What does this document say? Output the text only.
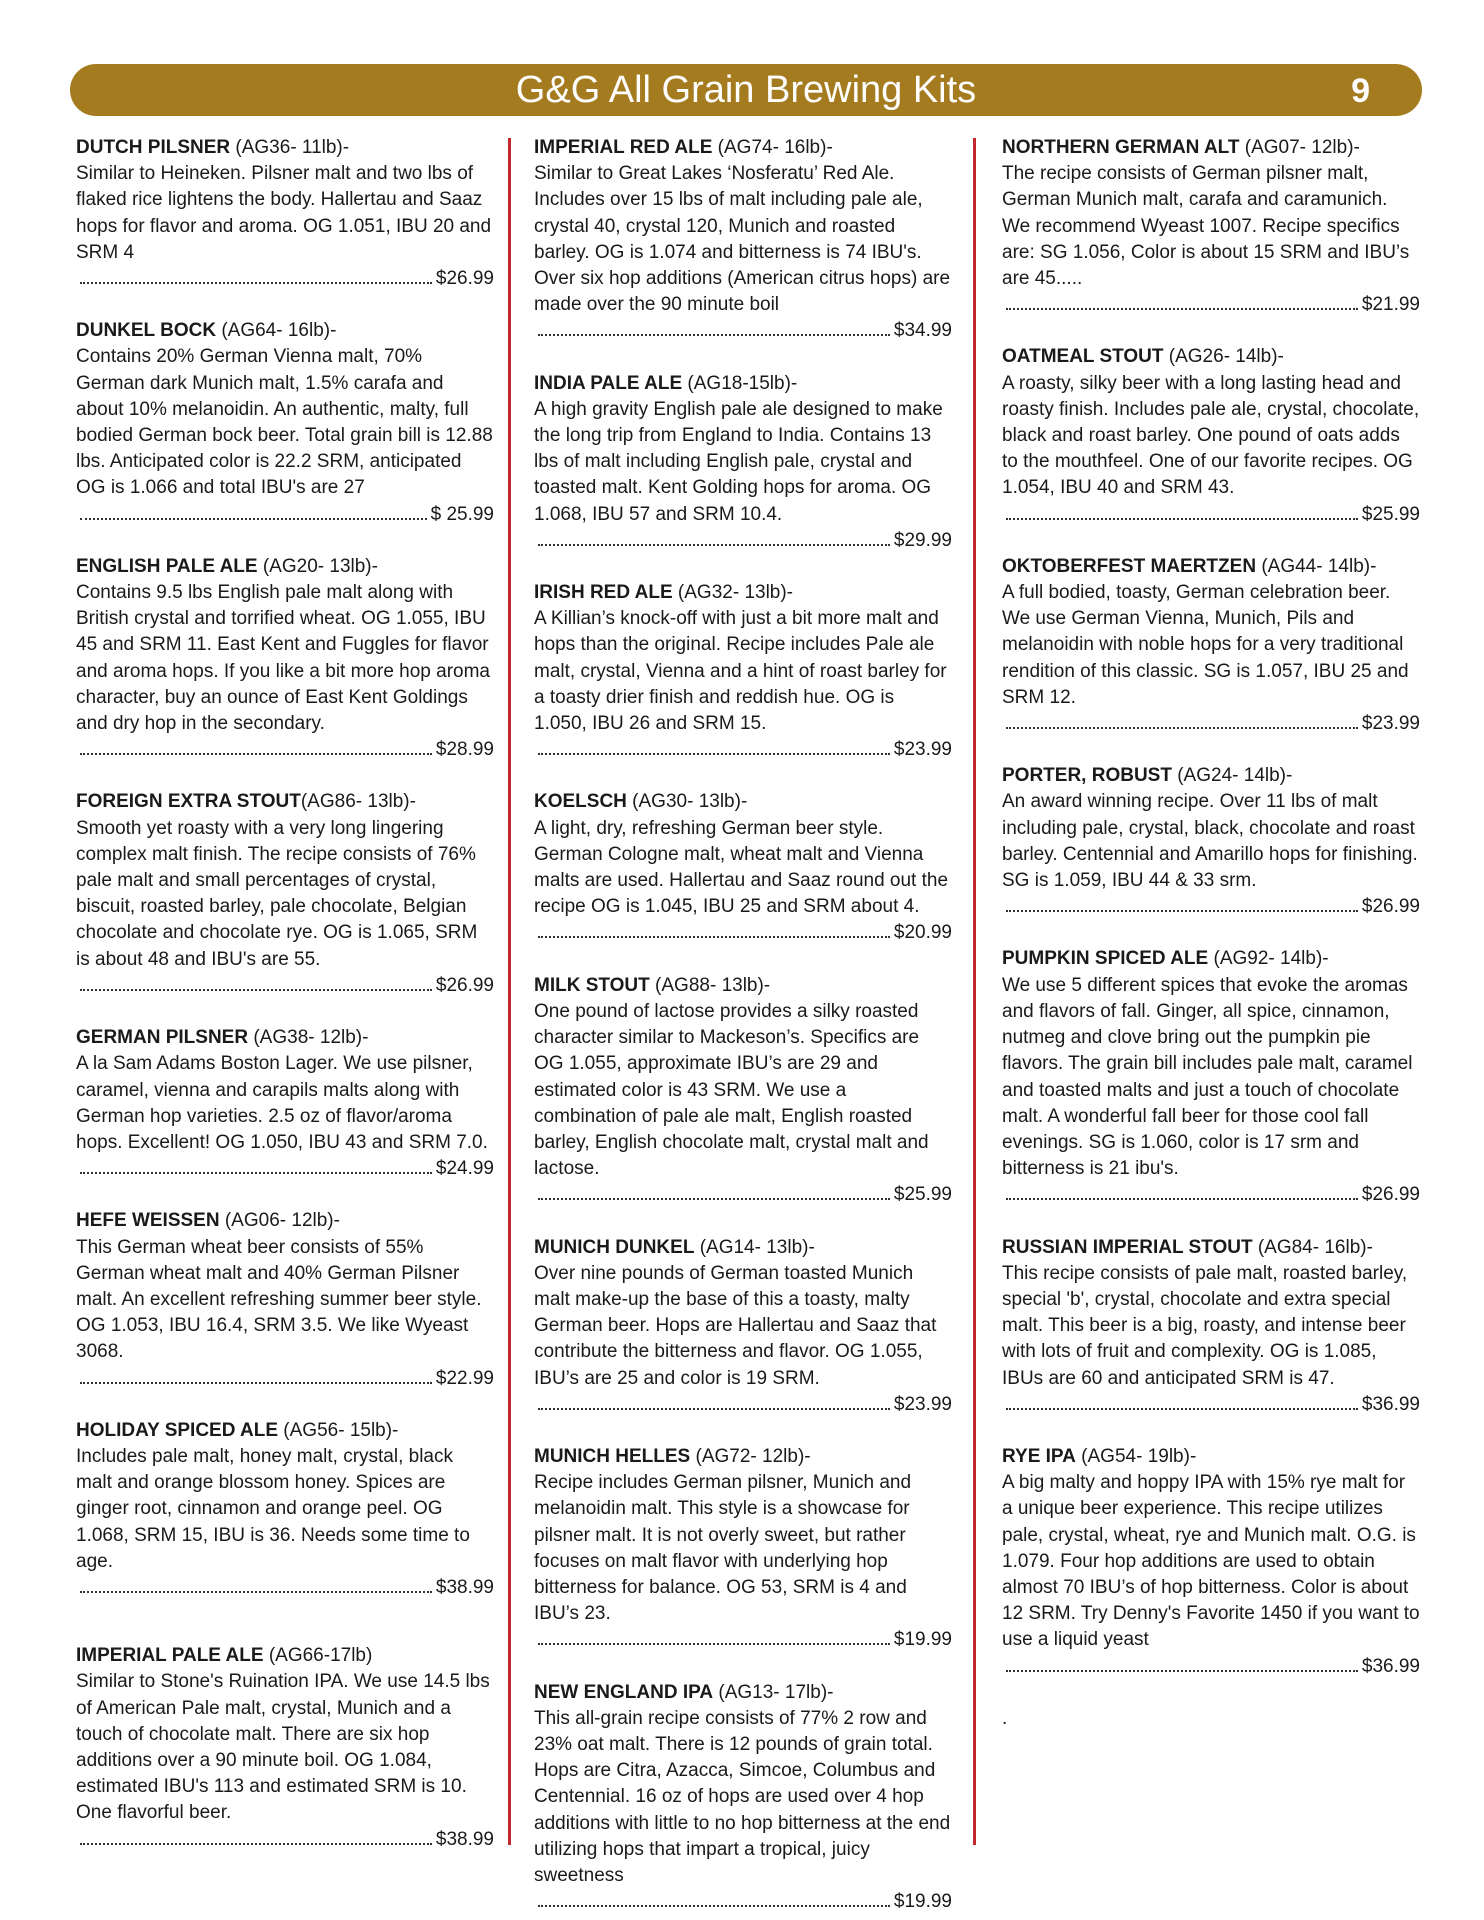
G&G All Grain Brewing Kits	9
DUTCH PILSNER (AG36- 11lb)-
Similar to Heineken. Pilsner malt and two lbs of flaked rice lightens the body. Hallertau and Saaz hops for flavor and aroma. OG 1.051, IBU 20 and SRM 4
$26.99
DUNKEL BOCK (AG64- 16lb)-
Contains 20% German Vienna malt, 70% German dark Munich malt, 1.5% carafa and about 10% melanoidin. An authentic, malty, full bodied German bock beer. Total grain bill is 12.88 lbs. Anticipated color is 22.2 SRM, anticipated OG is 1.066 and total IBU's are 27
$ 25.99
ENGLISH PALE ALE (AG20- 13lb)-
Contains 9.5 lbs English pale malt along with British crystal and torrified wheat. OG 1.055, IBU 45 and SRM 11. East Kent and Fuggles for flavor and aroma hops. If you like a bit more hop aroma character, buy an ounce of East Kent Goldings and dry hop in the secondary.
$28.99
FOREIGN EXTRA STOUT(AG86- 13lb)-
Smooth yet roasty with a very long lingering complex malt finish. The recipe consists of 76% pale malt and small percentages of crystal, biscuit, roasted barley, pale chocolate, Belgian chocolate and chocolate rye. OG is 1.065, SRM is about 48 and IBU's are 55.
$26.99
GERMAN PILSNER (AG38- 12lb)-
A la Sam Adams Boston Lager. We use pilsner, caramel, vienna and carapils malts along with German hop varieties. 2.5 oz of flavor/aroma hops. Excellent! OG 1.050, IBU 43 and SRM 7.0.
$24.99
HEFE WEISSEN (AG06- 12lb)-
This German wheat beer consists of 55% German wheat malt and 40% German Pilsner malt. An excellent refreshing summer beer style. OG 1.053, IBU 16.4, SRM 3.5. We like Wyeast 3068.
$22.99
HOLIDAY SPICED ALE (AG56- 15lb)-
Includes pale malt, honey malt, crystal, black malt and orange blossom honey. Spices are ginger root, cinnamon and orange peel. OG 1.068, SRM 15, IBU is 36. Needs some time to age.
$38.99
IMPERIAL PALE ALE (AG66-17lb)
Similar to Stone's Ruination IPA. We use 14.5 lbs of American Pale malt, crystal, Munich and a touch of chocolate malt. There are six hop additions over a 90 minute boil. OG 1.084, estimated IBU's 113 and estimated SRM is 10. One flavorful beer.
$38.99
IMPERIAL RED ALE (AG74- 16lb)-
Similar to Great Lakes ‘Nosferatu’ Red Ale. Includes over 15 lbs of malt including pale ale, crystal 40, crystal 120, Munich and roasted barley. OG is 1.074 and bitterness is 74 IBU's. Over six hop additions (American citrus hops) are made over the 90 minute boil
$34.99
INDIA PALE ALE (AG18-15lb)-
A high gravity English pale ale designed to make the long trip from England to India. Contains 13 lbs of malt including English pale, crystal and toasted malt. Kent Golding hops for aroma. OG 1.068, IBU 57 and SRM 10.4.
$29.99
IRISH RED ALE (AG32- 13lb)-
A Killian’s knock-off with just a bit more malt and hops than the original. Recipe includes Pale ale malt, crystal, Vienna and a hint of roast barley for a toasty drier finish and reddish hue. OG is 1.050, IBU 26 and SRM 15.
$23.99
KOELSCH (AG30- 13lb)-
A light, dry, refreshing German beer style. German Cologne malt, wheat malt and Vienna malts are used. Hallertau and Saaz round out the recipe OG is 1.045, IBU 25 and SRM about 4.
$20.99
MILK STOUT (AG88- 13lb)-
One pound of lactose provides a silky roasted character similar to Mackeson’s. Specifics are OG 1.055, approximate IBU’s are 29 and estimated color is 43 SRM. We use a combination of pale ale malt, English roasted barley, English chocolate malt, crystal malt and lactose.
$25.99
MUNICH DUNKEL (AG14- 13lb)-
Over nine pounds of German toasted Munich malt make-up the base of this a toasty, malty German beer. Hops are Hallertau and Saaz that contribute the bitterness and flavor. OG 1.055, IBU’s are 25 and color is 19 SRM.
$23.99
MUNICH HELLES (AG72- 12lb)-
Recipe includes German pilsner, Munich and melanoidin malt. This style is a showcase for pilsner malt. It is not overly sweet, but rather focuses on malt flavor with underlying hop bitterness for balance. OG 53, SRM is 4 and IBU’s 23.
$19.99
NEW ENGLAND IPA (AG13- 17lb)-
This all-grain recipe consists of 77% 2 row and 23% oat malt. There is 12 pounds of grain total. Hops are Citra, Azacca, Simcoe, Columbus and Centennial. 16 oz of hops are used over 4 hop additions with little to no hop bitterness at the end utilizing hops that impart a tropical, juicy sweetness
$19.99
NORTHERN GERMAN ALT (AG07- 12lb)-
The recipe consists of German pilsner malt, German Munich malt, carafa and caramunich. We recommend Wyeast 1007. Recipe specifics are: SG 1.056, Color is about 15 SRM and IBU’s are 45.....
$21.99
OATMEAL STOUT (AG26- 14lb)-
A roasty, silky beer with a long lasting head and roasty finish. Includes pale ale, crystal, chocolate, black and roast barley. One pound of oats adds to the mouthfeel. One of our favorite recipes. OG 1.054, IBU 40 and SRM 43.
$25.99
OKTOBERFEST MAERTZEN (AG44- 14lb)-
A full bodied, toasty, German celebration beer. We use German Vienna, Munich, Pils and melanoidin with noble hops for a very traditional rendition of this classic. SG is 1.057, IBU 25 and SRM 12.
$23.99
PORTER, ROBUST (AG24- 14lb)-
An award winning recipe. Over 11 lbs of malt including pale, crystal, black, chocolate and roast barley. Centennial and Amarillo hops for finishing. SG is 1.059, IBU 44 & 33 srm.
$26.99
PUMPKIN SPICED ALE (AG92- 14lb)-
We use 5 different spices that evoke the aromas and flavors of fall. Ginger, all spice, cinnamon, nutmeg and clove bring out the pumpkin pie flavors. The grain bill includes pale malt, caramel and toasted malts and just a touch of chocolate malt. A wonderful fall beer for those cool fall evenings. SG is 1.060, color is 17 srm and bitterness is 21 ibu's.
$26.99
RUSSIAN IMPERIAL STOUT (AG84- 16lb)-
This recipe consists of pale malt, roasted barley, special 'b', crystal, chocolate and extra special malt. This beer is a big, roasty, and intense beer with lots of fruit and complexity. OG is 1.085, IBUs are 60 and anticipated SRM is 47.
$36.99
RYE IPA (AG54- 19lb)-
A big malty and hoppy IPA with 15% rye malt for a unique beer experience. This recipe utilizes pale, crystal, wheat, rye and Munich malt. O.G. is 1.079. Four hop additions are used to obtain almost 70 IBU’s of hop bitterness. Color is about 12 SRM. Try Denny's Favorite 1450 if you want to use a liquid yeast
$36.99
.
